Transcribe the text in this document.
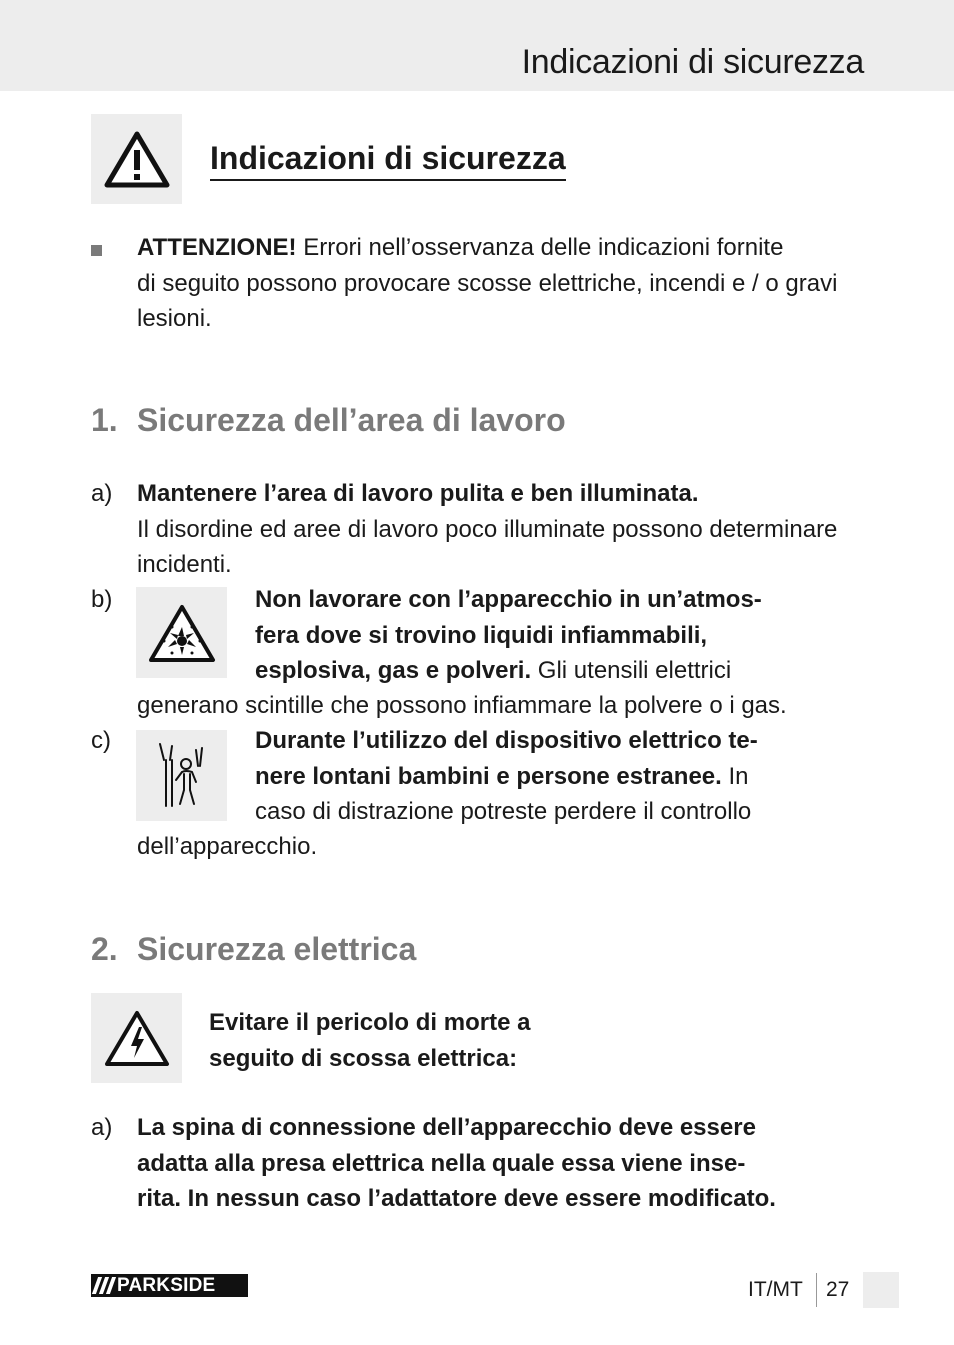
Indicazioni di sicurezza
Indicazioni di sicurezza

ATTENZIONE! Errori nell’osservanza delle indicazioni fornite
di seguito possono provocare scosse elettriche, incendi e / o gravi
lesioni.

1. Sicurezza dell’area di lavoro
a) Mantenere l’area di lavoro pulita e ben illuminata.
Il disordine ed aree di lavoro poco illuminate possono determinare
incidenti.

b)	Non lavorare con l’apparecchio in un’atmos-
fera dove si trovino liquidi infiammabili,
esplosiva, gas e polveri. Gli utensili elettrici

generano scintille che possono infiammare la polvere o i gas.

c)	Durante l’utilizzo del dispositivo elettrico te-
nere lontani bambini e persone estranee. In
caso di distrazione potreste perdere il controllo

dell’apparecchio.

2. Sicurezza elettrica

Evitare il pericolo di morte a
seguito di scossa elettrica:

a) La spina di connessione dell’apparecchio deve essere
adatta alla presa elettrica nella quale essa viene inse-
rita. In nessun caso l’adattatore deve essere modificato.

PARKSIDE	IT/MT 27
